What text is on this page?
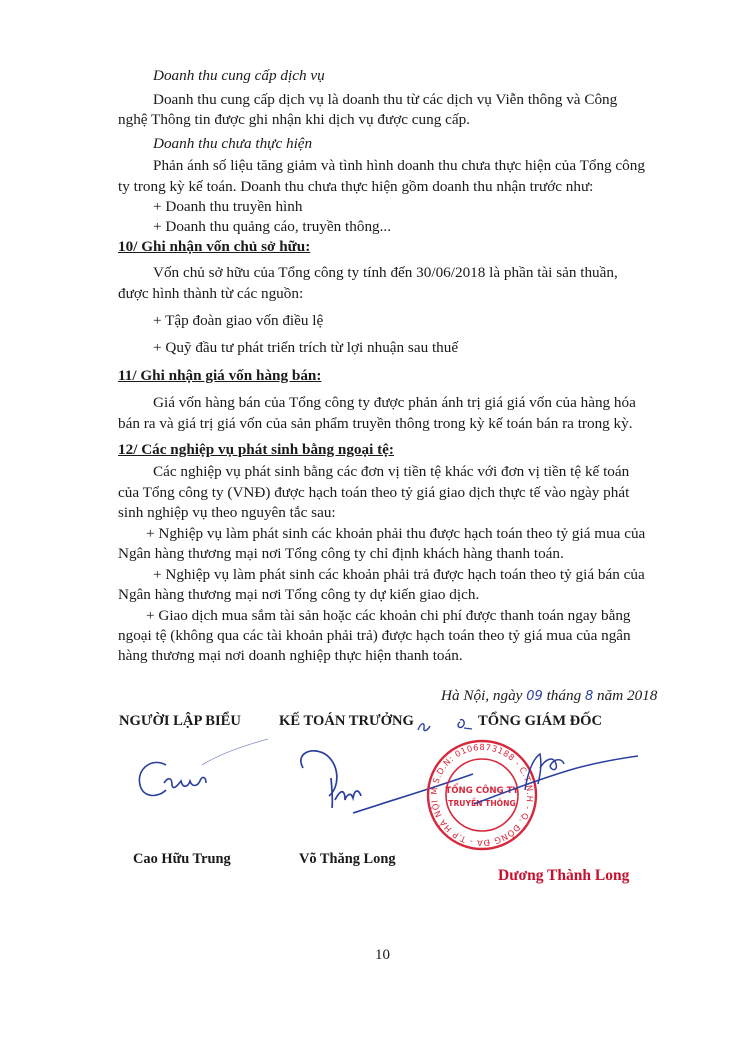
Doanh thu cung cấp dịch vụ
Doanh thu cung cấp dịch vụ là doanh thu từ các dịch vụ Viễn thông và Công
nghệ Thông tin được ghi nhận khi dịch vụ được cung cấp.
Doanh thu chưa thực hiện
Phản ánh số liệu tăng giảm và tình hình doanh thu chưa thực hiện của Tổng công
ty trong kỳ kế toán. Doanh thu chưa thực hiện gồm doanh thu nhận trước như:
+ Doanh thu truyền hình
+ Doanh thu quảng cáo, truyền thông...
10/ Ghi nhận vốn chủ sở hữu:
Vốn chủ sở hữu của Tổng công ty tính đến 30/06/2018 là phần tài sản thuần,
được hình thành từ các nguồn:
+ Tập đoàn giao vốn điều lệ
+ Quỹ đầu tư phát triển trích từ lợi nhuận sau thuế
11/ Ghi nhận giá vốn hàng bán:
Giá vốn hàng bán của Tổng công ty được phản ánh trị giá giá vốn của hàng hóa
bán ra và giá trị giá vốn của sản phẩm truyền thông trong kỳ kế toán bán ra trong kỳ.
12/ Các nghiệp vụ phát sinh bằng ngoại tệ:
Các nghiệp vụ phát sinh bằng các đơn vị tiền tệ khác với đơn vị tiền tệ kế toán
của Tổng công ty (VNĐ) được hạch toán theo tỷ giá giao dịch thực tế vào ngày phát
sinh nghiệp vụ theo nguyên tắc sau:
+ Nghiệp vụ làm phát sinh các khoản phải thu được hạch toán theo tỷ giá mua của
Ngân hàng thương mại nơi Tổng công ty chỉ định khách hàng thanh toán.
+ Nghiệp vụ làm phát sinh các khoản phải trả được hạch toán theo tỷ giá bán của
Ngân hàng thương mại nơi Tổng công ty dự kiến giao dịch.
+ Giao dịch mua sắm tài sản hoặc các khoản chi phí được thanh toán ngay bằng
ngoại tệ (không qua các tài khoản phải trả) được hạch toán theo tỷ giá mua của ngân
hàng thương mại nơi doanh nghiệp thực hiện thanh toán.
Hà Nội, ngày 09 tháng 8 năm 2018
NGƯỜI LẬP BIỂU	KẾ TOÁN TRƯỞNG	TỔNG GIÁM ĐỐC
M.S.D.N: 0106873188 - C.T.N.H - Q. ĐỐNG ĐA - T.P HÀ NỘI
TỔNG CÔNG TY
TRUYỀN THÔNG
Cao Hữu Trung	Võ Thăng Long
Dương Thành Long
10
